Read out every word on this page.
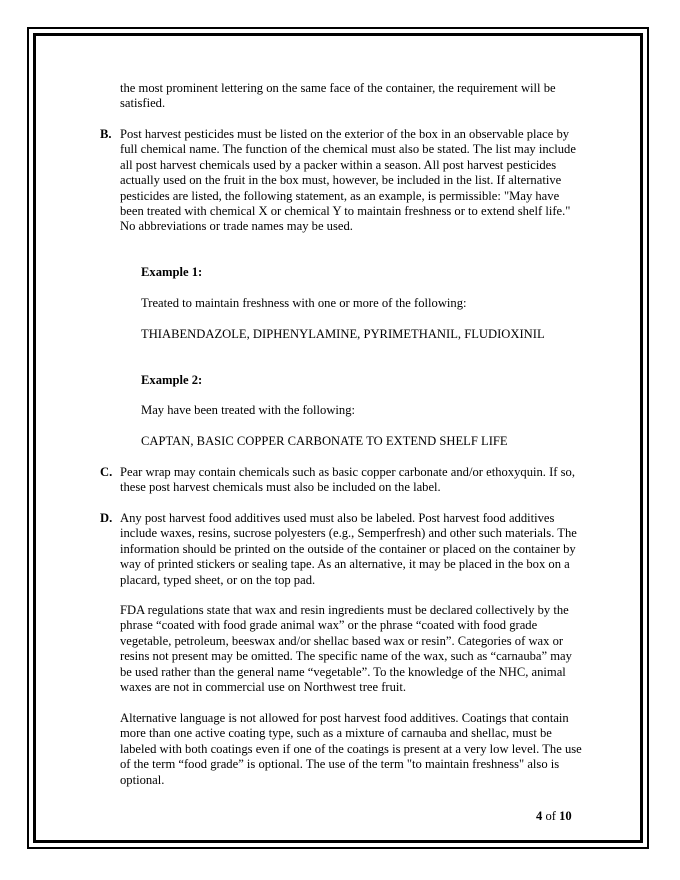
the most prominent lettering on the same face of the container, the requirement will be satisfied.

B. Post harvest pesticides must be listed on the exterior of the box in an observable place by full chemical name. The function of the chemical must also be stated. The list may include all post harvest chemicals used by a packer within a season. All post harvest pesticides actually used on the fruit in the box must, however, be included in the list. If alternative pesticides are listed, the following statement, as an example, is permissible: "May have been treated with chemical X or chemical Y to maintain freshness or to extend shelf life." No abbreviations or trade names may be used.
Example 1:
Treated to maintain freshness with one or more of the following:
THIABENDAZOLE, DIPHENYLAMINE, PYRIMETHANIL, FLUDIOXINIL
Example 2:
May have been treated with the following:
CAPTAN, BASIC COPPER CARBONATE TO EXTEND SHELF LIFE
C. Pear wrap may contain chemicals such as basic copper carbonate and/or ethoxyquin. If so, these post harvest chemicals must also be included on the label.
D. Any post harvest food additives used must also be labeled. Post harvest food additives include waxes, resins, sucrose polyesters (e.g., Semperfresh) and other such materials. The information should be printed on the outside of the container or placed on the container by way of printed stickers or sealing tape. As an alternative, it may be placed in the box on a placard, typed sheet, or on the top pad.

FDA regulations state that wax and resin ingredients must be declared collectively by the phrase “coated with food grade animal wax” or the phrase “coated with food grade vegetable, petroleum, beeswax and/or shellac based wax or resin”. Categories of wax or resins not present may be omitted. The specific name of the wax, such as “carnauba” may be used rather than the general name “vegetable”. To the knowledge of the NHC, animal waxes are not in commercial use on Northwest tree fruit.

Alternative language is not allowed for post harvest food additives. Coatings that contain more than one active coating type, such as a mixture of carnauba and shellac, must be labeled with both coatings even if one of the coatings is present at a very low level. The use of the term “food grade” is optional. The use of the term "to maintain freshness" also is optional.

4 of 10
